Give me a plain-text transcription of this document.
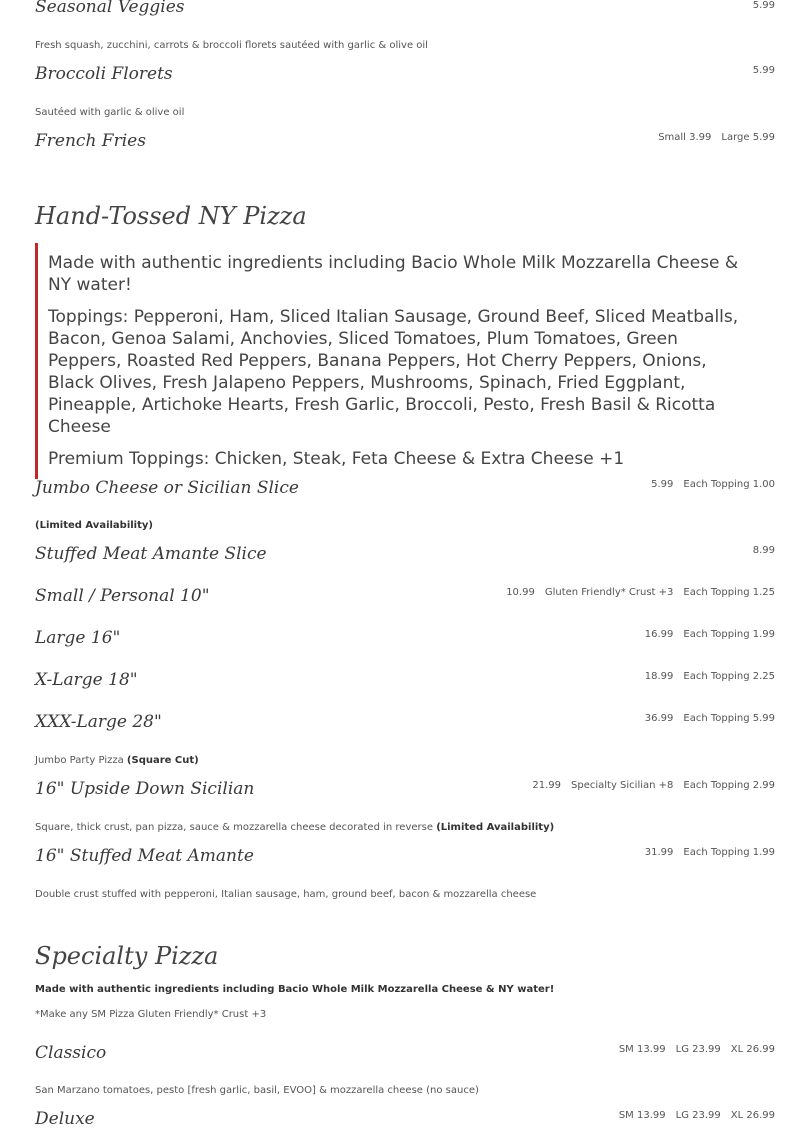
Seasonal Veggies	5.99
Fresh squash, zucchini, carrots & broccoli florets sautéed with garlic & olive oil
Broccoli Florets	5.99
Sautéed with garlic & olive oil
French Fries	Small 3.99 Large 5.99
Hand-Tossed NY Pizza

Made with authentic ingredients including Bacio Whole Milk Mozzarella Cheese & NY water!

Toppings: Pepperoni, Ham, Sliced Italian Sausage, Ground Beef, Sliced Meatballs, Bacon, Genoa Salami, Anchovies, Sliced Tomatoes, Plum Tomatoes, Green Peppers, Roasted Red Peppers, Banana Peppers, Hot Cherry Peppers, Onions, Black Olives, Fresh Jalapeno Peppers, Mushrooms, Spinach, Fried Eggplant, Pineapple, Artichoke Hearts, Fresh Garlic, Broccoli, Pesto, Fresh Basil & Ricotta Cheese

Premium Toppings: Chicken, Steak, Feta Cheese & Extra Cheese +1

Jumbo Cheese or Sicilian Slice	5.99 Each Topping 1.00
(Limited Availability)
Stuffed Meat Amante Slice	8.99
Small / Personal 10"	10.99 Gluten Friendly* Crust +3 Each Topping 1.25
Large 16"	16.99 Each Topping 1.99
X-Large 18"	18.99 Each Topping 2.25
XXX-Large 28"	36.99 Each Topping 5.99
Jumbo Party Pizza (Square Cut)
16" Upside Down Sicilian	21.99 Specialty Sicilian +8 Each Topping 2.99
Square, thick crust, pan pizza, sauce & mozzarella cheese decorated in reverse (Limited Availability)
16" Stuffed Meat Amante	31.99 Each Topping 1.99
Double crust stuffed with pepperoni, Italian sausage, ham, ground beef, bacon & mozzarella cheese
Specialty Pizza
Made with authentic ingredients including Bacio Whole Milk Mozzarella Cheese & NY water!
*Make any SM Pizza Gluten Friendly* Crust +3
Classico	SM 13.99 LG 23.99 XL 26.99
San Marzano tomatoes, pesto [fresh garlic, basil, EVOO] & mozzarella cheese (no sauce)
Deluxe	SM 13.99 LG 23.99 XL 26.99
